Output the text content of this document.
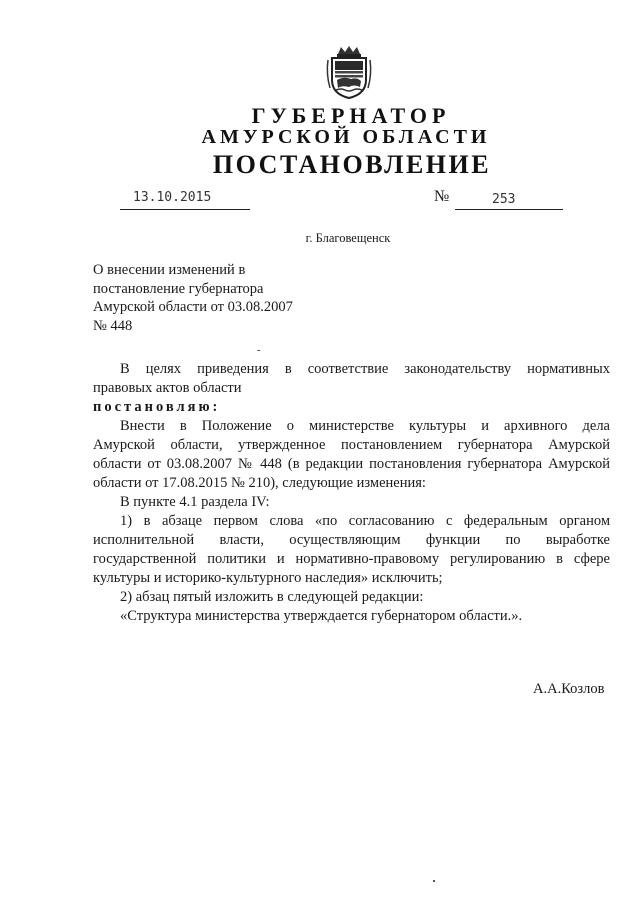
ГУБЕРНАТОР
АМУРСКОЙ ОБЛАСТИ
ПОСТАНОВЛЕНИЕ
13.10.2015	№	253
г. Благовещенск
О внесении изменений в
постановление губернатора
Амурской области от 03.08.2007
№ 448
-
В целях приведения в соответствие законодательству нормативных
правовых актов области
постановляю:
Внести в Положение о министерстве культуры и архивного дела
Амурской области, утвержденное постановлением губернатора Амурской
области от 03.08.2007 № 448 (в редакции постановления губернатора Амурской
области от 17.08.2015 № 210), следующие изменения:
В пункте 4.1 раздела IV:
1) в абзаце первом слова «по согласованию с федеральным органом
исполнительной власти, осуществляющим функции по выработке
государственной политики и нормативно-правовому регулированию в сфере
культуры и историко-культурного наследия» исключить;
2) абзац пятый изложить в следующей редакции:
«Структура министерства утверждается губернатором области.».
А.А.Козлов
